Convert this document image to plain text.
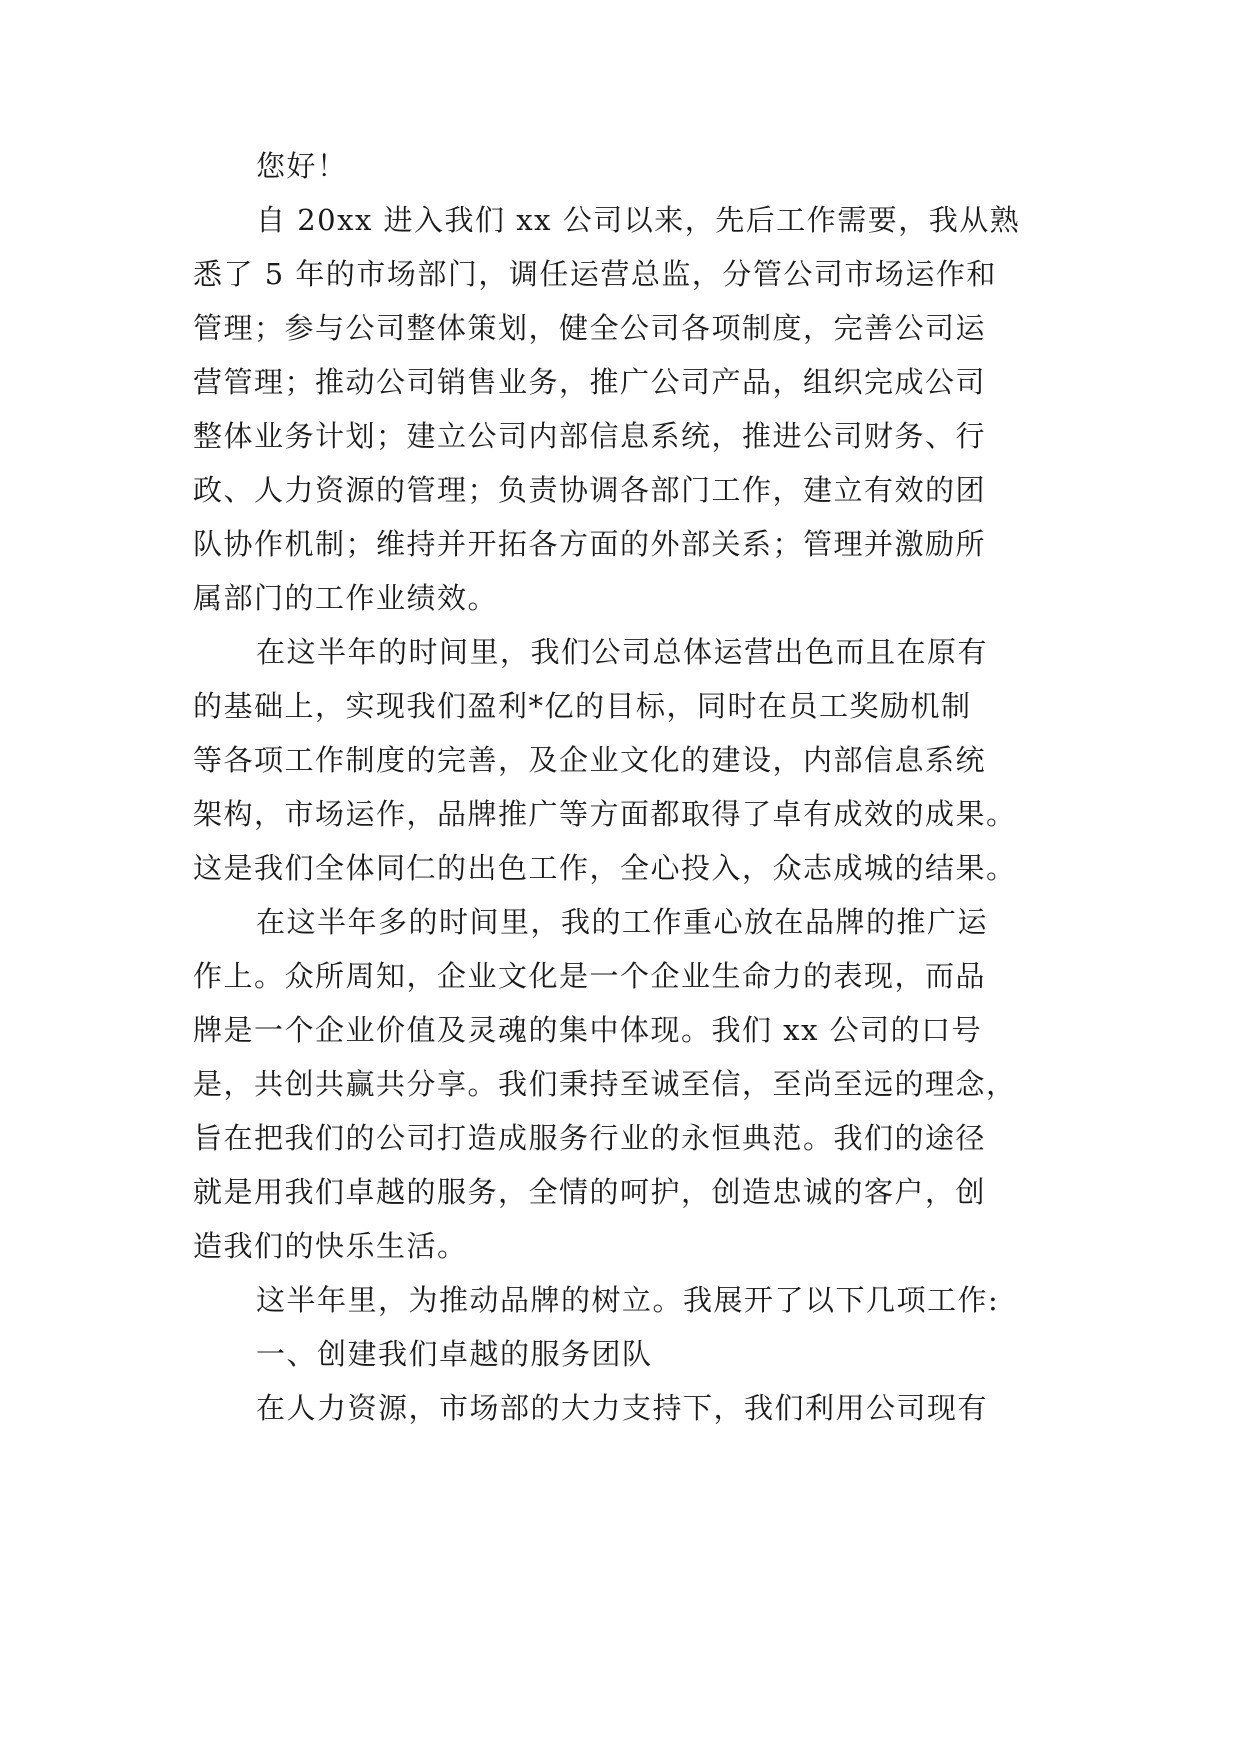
您好！
自 20xx 进入我们 xx 公司以来，先后工作需要，我从熟
悉了 5 年的市场部门，调任运营总监，分管公司市场运作和
管理；参与公司整体策划，健全公司各项制度，完善公司运
营管理；推动公司销售业务，推广公司产品，组织完成公司
整体业务计划；建立公司内部信息系统，推进公司财务、行
政、人力资源的管理；负责协调各部门工作，建立有效的团
队协作机制；维持并开拓各方面的外部关系；管理并激励所
属部门的工作业绩效。
在这半年的时间里，我们公司总体运营出色而且在原有
的基础上，实现我们盈利*亿的目标，同时在员工奖励机制
等各项工作制度的完善，及企业文化的建设，内部信息系统
架构，市场运作，品牌推广等方面都取得了卓有成效的成果。
这是我们全体同仁的出色工作，全心投入，众志成城的结果。
在这半年多的时间里，我的工作重心放在品牌的推广运
作上。众所周知，企业文化是一个企业生命力的表现，而品
牌是一个企业价值及灵魂的集中体现。我们 xx 公司的口号
是，共创共赢共分享。我们秉持至诚至信，至尚至远的理念，
旨在把我们的公司打造成服务行业的永恒典范。我们的途径
就是用我们卓越的服务，全情的呵护，创造忠诚的客户，创
造我们的快乐生活。
这半年里，为推动品牌的树立。我展开了以下几项工作:
一、创建我们卓越的服务团队
在人力资源，市场部的大力支持下，我们利用公司现有
